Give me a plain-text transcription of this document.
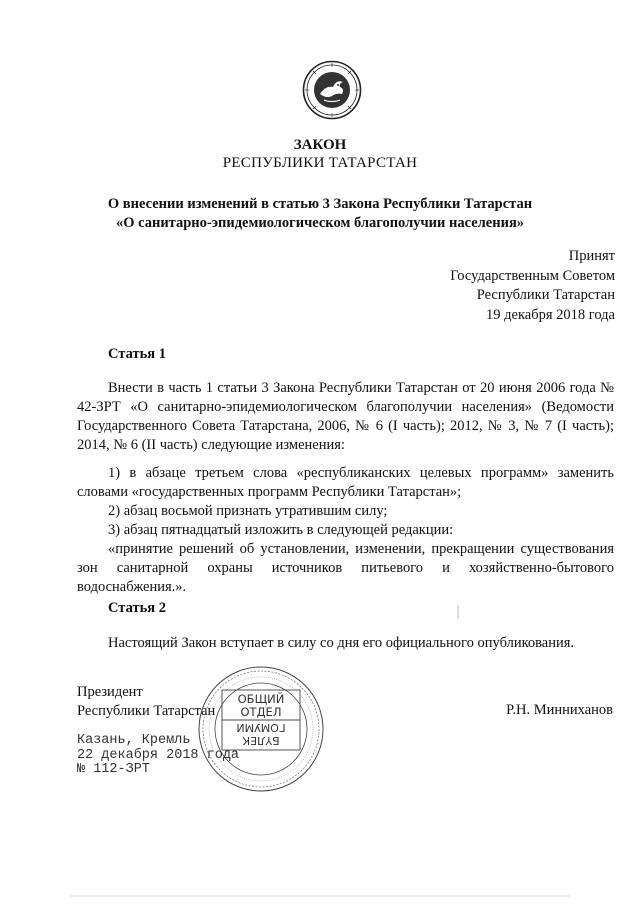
ЗАКОН
РЕСПУБЛИКИ ТАТАРСТАН
О внесении изменений в статью 3 Закона Республики Татарстан
«О санитарно-эпидемиологическом благополучии населения»
Принят
Государственным Советом
Республики Татарстан
19 декабря 2018 года
Статья 1

Внести в часть 1 статьи 3 Закона Республики Татарстан от 20 июня 2006 года № 42-ЗРТ «О санитарно-эпидемиологическом благополучии населения» (Ведомости Государственного Совета Татарстана, 2006, № 6 (I часть); 2012, № 3, № 7 (I часть); 2014, № 6 (II часть) следующие изменения:

1) в абзаце третьем слова «республиканских целевых программ» заменить словами «государственных программ Республики Татарстан»;

2) абзац восьмой признать утратившим силу;

3) абзац пятнадцатый изложить в следующей редакции:

«принятие решений об установлении, изменении, прекращении существования зон санитарной охраны источников питьевого и хозяйственно-бытового водоснабжения.».

Статья 2

Настоящий Закон вступает в силу со дня его официального опубликования.

Президент
Республики Татарстан	Р.Н. Минниханов
Казань, Кремль
22 декабря 2018 года
№ 112-ЗРТ
ОБЩИЙ
ОТДЕЛ
БҮЛЕК
ГОМУМИ
